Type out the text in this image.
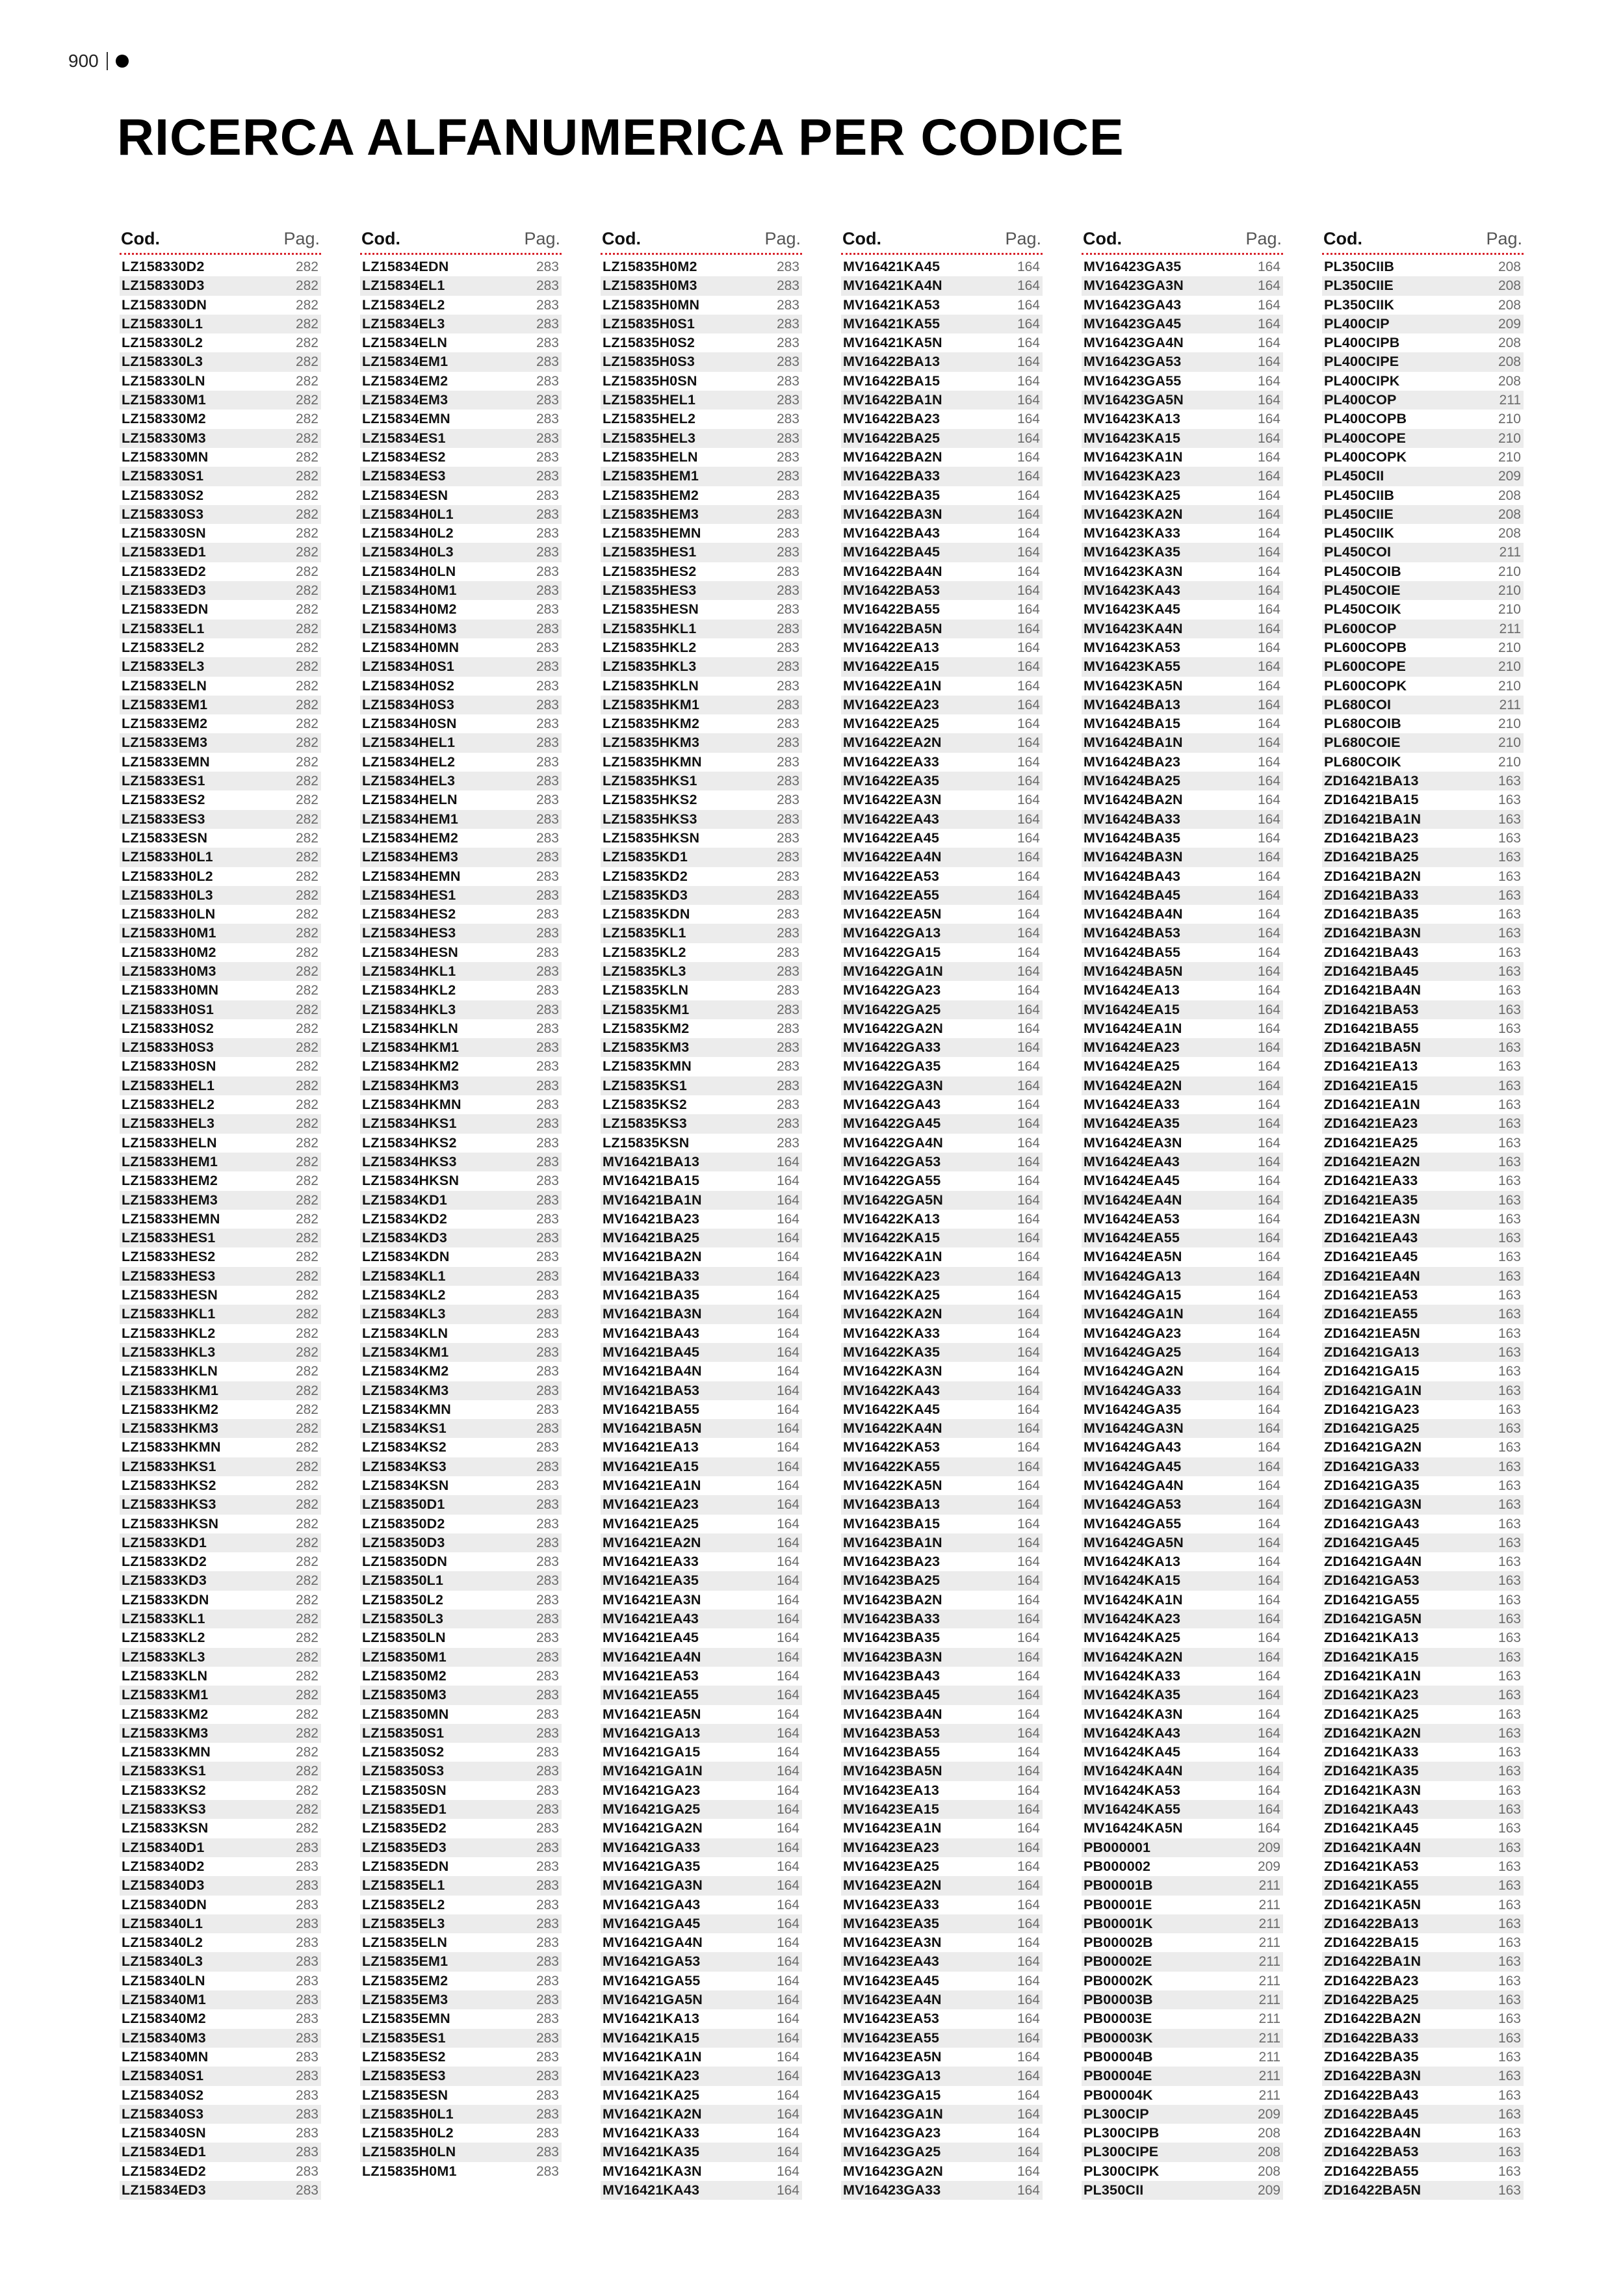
900
RICERCA ALFANUMERICA PER CODICE
Cod.	Pag.
LZ158330D2	282
LZ158330D3	282
LZ158330DN	282
LZ158330L1	282
LZ158330L2	282
LZ158330L3	282
LZ158330LN	282
LZ158330M1	282
LZ158330M2	282
LZ158330M3	282
LZ158330MN	282
LZ158330S1	282
LZ158330S2	282
LZ158330S3	282
LZ158330SN	282
LZ15833ED1	282
LZ15833ED2	282
LZ15833ED3	282
LZ15833EDN	282
LZ15833EL1	282
LZ15833EL2	282
LZ15833EL3	282
LZ15833ELN	282
LZ15833EM1	282
LZ15833EM2	282
LZ15833EM3	282
LZ15833EMN	282
LZ15833ES1	282
LZ15833ES2	282
LZ15833ES3	282
LZ15833ESN	282
LZ15833H0L1	282
LZ15833H0L2	282
LZ15833H0L3	282
LZ15833H0LN	282
LZ15833H0M1	282
LZ15833H0M2	282
LZ15833H0M3	282
LZ15833H0MN	282
LZ15833H0S1	282
LZ15833H0S2	282
LZ15833H0S3	282
LZ15833H0SN	282
LZ15833HEL1	282
LZ15833HEL2	282
LZ15833HEL3	282
LZ15833HELN	282
LZ15833HEM1	282
LZ15833HEM2	282
LZ15833HEM3	282
LZ15833HEMN	282
LZ15833HES1	282
LZ15833HES2	282
LZ15833HES3	282
LZ15833HESN	282
LZ15833HKL1	282
LZ15833HKL2	282
LZ15833HKL3	282
LZ15833HKLN	282
LZ15833HKM1	282
LZ15833HKM2	282
LZ15833HKM3	282
LZ15833HKMN	282
LZ15833HKS1	282
LZ15833HKS2	282
LZ15833HKS3	282
LZ15833HKSN	282
LZ15833KD1	282
LZ15833KD2	282
LZ15833KD3	282
LZ15833KDN	282
LZ15833KL1	282
LZ15833KL2	282
LZ15833KL3	282
LZ15833KLN	282
LZ15833KM1	282
LZ15833KM2	282
LZ15833KM3	282
LZ15833KMN	282
LZ15833KS1	282
LZ15833KS2	282
LZ15833KS3	282
LZ15833KSN	282
LZ158340D1	283
LZ158340D2	283
LZ158340D3	283
LZ158340DN	283
LZ158340L1	283
LZ158340L2	283
LZ158340L3	283
LZ158340LN	283
LZ158340M1	283
LZ158340M2	283
LZ158340M3	283
LZ158340MN	283
LZ158340S1	283
LZ158340S2	283
LZ158340S3	283
LZ158340SN	283
LZ15834ED1	283
LZ15834ED2	283
LZ15834ED3	283
Cod.	Pag.
LZ15834EDN	283
LZ15834EL1	283
LZ15834EL2	283
LZ15834EL3	283
LZ15834ELN	283
LZ15834EM1	283
LZ15834EM2	283
LZ15834EM3	283
LZ15834EMN	283
LZ15834ES1	283
LZ15834ES2	283
LZ15834ES3	283
LZ15834ESN	283
LZ15834H0L1	283
LZ15834H0L2	283
LZ15834H0L3	283
LZ15834H0LN	283
LZ15834H0M1	283
LZ15834H0M2	283
LZ15834H0M3	283
LZ15834H0MN	283
LZ15834H0S1	283
LZ15834H0S2	283
LZ15834H0S3	283
LZ15834H0SN	283
LZ15834HEL1	283
LZ15834HEL2	283
LZ15834HEL3	283
LZ15834HELN	283
LZ15834HEM1	283
LZ15834HEM2	283
LZ15834HEM3	283
LZ15834HEMN	283
LZ15834HES1	283
LZ15834HES2	283
LZ15834HES3	283
LZ15834HESN	283
LZ15834HKL1	283
LZ15834HKL2	283
LZ15834HKL3	283
LZ15834HKLN	283
LZ15834HKM1	283
LZ15834HKM2	283
LZ15834HKM3	283
LZ15834HKMN	283
LZ15834HKS1	283
LZ15834HKS2	283
LZ15834HKS3	283
LZ15834HKSN	283
LZ15834KD1	283
LZ15834KD2	283
LZ15834KD3	283
LZ15834KDN	283
LZ15834KL1	283
LZ15834KL2	283
LZ15834KL3	283
LZ15834KLN	283
LZ15834KM1	283
LZ15834KM2	283
LZ15834KM3	283
LZ15834KMN	283
LZ15834KS1	283
LZ15834KS2	283
LZ15834KS3	283
LZ15834KSN	283
LZ158350D1	283
LZ158350D2	283
LZ158350D3	283
LZ158350DN	283
LZ158350L1	283
LZ158350L2	283
LZ158350L3	283
LZ158350LN	283
LZ158350M1	283
LZ158350M2	283
LZ158350M3	283
LZ158350MN	283
LZ158350S1	283
LZ158350S2	283
LZ158350S3	283
LZ158350SN	283
LZ15835ED1	283
LZ15835ED2	283
LZ15835ED3	283
LZ15835EDN	283
LZ15835EL1	283
LZ15835EL2	283
LZ15835EL3	283
LZ15835ELN	283
LZ15835EM1	283
LZ15835EM2	283
LZ15835EM3	283
LZ15835EMN	283
LZ15835ES1	283
LZ15835ES2	283
LZ15835ES3	283
LZ15835ESN	283
LZ15835H0L1	283
LZ15835H0L2	283
LZ15835H0LN	283
LZ15835H0M1	283
Cod.	Pag.
LZ15835H0M2	283
LZ15835H0M3	283
LZ15835H0MN	283
LZ15835H0S1	283
LZ15835H0S2	283
LZ15835H0S3	283
LZ15835H0SN	283
LZ15835HEL1	283
LZ15835HEL2	283
LZ15835HEL3	283
LZ15835HELN	283
LZ15835HEM1	283
LZ15835HEM2	283
LZ15835HEM3	283
LZ15835HEMN	283
LZ15835HES1	283
LZ15835HES2	283
LZ15835HES3	283
LZ15835HESN	283
LZ15835HKL1	283
LZ15835HKL2	283
LZ15835HKL3	283
LZ15835HKLN	283
LZ15835HKM1	283
LZ15835HKM2	283
LZ15835HKM3	283
LZ15835HKMN	283
LZ15835HKS1	283
LZ15835HKS2	283
LZ15835HKS3	283
LZ15835HKSN	283
LZ15835KD1	283
LZ15835KD2	283
LZ15835KD3	283
LZ15835KDN	283
LZ15835KL1	283
LZ15835KL2	283
LZ15835KL3	283
LZ15835KLN	283
LZ15835KM1	283
LZ15835KM2	283
LZ15835KM3	283
LZ15835KMN	283
LZ15835KS1	283
LZ15835KS2	283
LZ15835KS3	283
LZ15835KSN	283
MV16421BA13	164
MV16421BA15	164
MV16421BA1N	164
MV16421BA23	164
MV16421BA25	164
MV16421BA2N	164
MV16421BA33	164
MV16421BA35	164
MV16421BA3N	164
MV16421BA43	164
MV16421BA45	164
MV16421BA4N	164
MV16421BA53	164
MV16421BA55	164
MV16421BA5N	164
MV16421EA13	164
MV16421EA15	164
MV16421EA1N	164
MV16421EA23	164
MV16421EA25	164
MV16421EA2N	164
MV16421EA33	164
MV16421EA35	164
MV16421EA3N	164
MV16421EA43	164
MV16421EA45	164
MV16421EA4N	164
MV16421EA53	164
MV16421EA55	164
MV16421EA5N	164
MV16421GA13	164
MV16421GA15	164
MV16421GA1N	164
MV16421GA23	164
MV16421GA25	164
MV16421GA2N	164
MV16421GA33	164
MV16421GA35	164
MV16421GA3N	164
MV16421GA43	164
MV16421GA45	164
MV16421GA4N	164
MV16421GA53	164
MV16421GA55	164
MV16421GA5N	164
MV16421KA13	164
MV16421KA15	164
MV16421KA1N	164
MV16421KA23	164
MV16421KA25	164
MV16421KA2N	164
MV16421KA33	164
MV16421KA35	164
MV16421KA3N	164
MV16421KA43	164
Cod.	Pag.
MV16421KA45	164
MV16421KA4N	164
MV16421KA53	164
MV16421KA55	164
MV16421KA5N	164
MV16422BA13	164
MV16422BA15	164
MV16422BA1N	164
MV16422BA23	164
MV16422BA25	164
MV16422BA2N	164
MV16422BA33	164
MV16422BA35	164
MV16422BA3N	164
MV16422BA43	164
MV16422BA45	164
MV16422BA4N	164
MV16422BA53	164
MV16422BA55	164
MV16422BA5N	164
MV16422EA13	164
MV16422EA15	164
MV16422EA1N	164
MV16422EA23	164
MV16422EA25	164
MV16422EA2N	164
MV16422EA33	164
MV16422EA35	164
MV16422EA3N	164
MV16422EA43	164
MV16422EA45	164
MV16422EA4N	164
MV16422EA53	164
MV16422EA55	164
MV16422EA5N	164
MV16422GA13	164
MV16422GA15	164
MV16422GA1N	164
MV16422GA23	164
MV16422GA25	164
MV16422GA2N	164
MV16422GA33	164
MV16422GA35	164
MV16422GA3N	164
MV16422GA43	164
MV16422GA45	164
MV16422GA4N	164
MV16422GA53	164
MV16422GA55	164
MV16422GA5N	164
MV16422KA13	164
MV16422KA15	164
MV16422KA1N	164
MV16422KA23	164
MV16422KA25	164
MV16422KA2N	164
MV16422KA33	164
MV16422KA35	164
MV16422KA3N	164
MV16422KA43	164
MV16422KA45	164
MV16422KA4N	164
MV16422KA53	164
MV16422KA55	164
MV16422KA5N	164
MV16423BA13	164
MV16423BA15	164
MV16423BA1N	164
MV16423BA23	164
MV16423BA25	164
MV16423BA2N	164
MV16423BA33	164
MV16423BA35	164
MV16423BA3N	164
MV16423BA43	164
MV16423BA45	164
MV16423BA4N	164
MV16423BA53	164
MV16423BA55	164
MV16423BA5N	164
MV16423EA13	164
MV16423EA15	164
MV16423EA1N	164
MV16423EA23	164
MV16423EA25	164
MV16423EA2N	164
MV16423EA33	164
MV16423EA35	164
MV16423EA3N	164
MV16423EA43	164
MV16423EA45	164
MV16423EA4N	164
MV16423EA53	164
MV16423EA55	164
MV16423EA5N	164
MV16423GA13	164
MV16423GA15	164
MV16423GA1N	164
MV16423GA23	164
MV16423GA25	164
MV16423GA2N	164
MV16423GA33	164
Cod.	Pag.
MV16423GA35	164
MV16423GA3N	164
MV16423GA43	164
MV16423GA45	164
MV16423GA4N	164
MV16423GA53	164
MV16423GA55	164
MV16423GA5N	164
MV16423KA13	164
MV16423KA15	164
MV16423KA1N	164
MV16423KA23	164
MV16423KA25	164
MV16423KA2N	164
MV16423KA33	164
MV16423KA35	164
MV16423KA3N	164
MV16423KA43	164
MV16423KA45	164
MV16423KA4N	164
MV16423KA53	164
MV16423KA55	164
MV16423KA5N	164
MV16424BA13	164
MV16424BA15	164
MV16424BA1N	164
MV16424BA23	164
MV16424BA25	164
MV16424BA2N	164
MV16424BA33	164
MV16424BA35	164
MV16424BA3N	164
MV16424BA43	164
MV16424BA45	164
MV16424BA4N	164
MV16424BA53	164
MV16424BA55	164
MV16424BA5N	164
MV16424EA13	164
MV16424EA15	164
MV16424EA1N	164
MV16424EA23	164
MV16424EA25	164
MV16424EA2N	164
MV16424EA33	164
MV16424EA35	164
MV16424EA3N	164
MV16424EA43	164
MV16424EA45	164
MV16424EA4N	164
MV16424EA53	164
MV16424EA55	164
MV16424EA5N	164
MV16424GA13	164
MV16424GA15	164
MV16424GA1N	164
MV16424GA23	164
MV16424GA25	164
MV16424GA2N	164
MV16424GA33	164
MV16424GA35	164
MV16424GA3N	164
MV16424GA43	164
MV16424GA45	164
MV16424GA4N	164
MV16424GA53	164
MV16424GA55	164
MV16424GA5N	164
MV16424KA13	164
MV16424KA15	164
MV16424KA1N	164
MV16424KA23	164
MV16424KA25	164
MV16424KA2N	164
MV16424KA33	164
MV16424KA35	164
MV16424KA3N	164
MV16424KA43	164
MV16424KA45	164
MV16424KA4N	164
MV16424KA53	164
MV16424KA55	164
MV16424KA5N	164
PB000001	209
PB000002	209
PB00001B	211
PB00001E	211
PB00001K	211
PB00002B	211
PB00002E	211
PB00002K	211
PB00003B	211
PB00003E	211
PB00003K	211
PB00004B	211
PB00004E	211
PB00004K	211
PL300CIP	209
PL300CIPB	208
PL300CIPE	208
PL300CIPK	208
PL350CII	209
Cod.	Pag.
PL350CIIB	208
PL350CIIE	208
PL350CIIK	208
PL400CIP	209
PL400CIPB	208
PL400CIPE	208
PL400CIPK	208
PL400COP	211
PL400COPB	210
PL400COPE	210
PL400COPK	210
PL450CII	209
PL450CIIB	208
PL450CIIE	208
PL450CIIK	208
PL450COI	211
PL450COIB	210
PL450COIE	210
PL450COIK	210
PL600COP	211
PL600COPB	210
PL600COPE	210
PL600COPK	210
PL680COI	211
PL680COIB	210
PL680COIE	210
PL680COIK	210
ZD16421BA13	163
ZD16421BA15	163
ZD16421BA1N	163
ZD16421BA23	163
ZD16421BA25	163
ZD16421BA2N	163
ZD16421BA33	163
ZD16421BA35	163
ZD16421BA3N	163
ZD16421BA43	163
ZD16421BA45	163
ZD16421BA4N	163
ZD16421BA53	163
ZD16421BA55	163
ZD16421BA5N	163
ZD16421EA13	163
ZD16421EA15	163
ZD16421EA1N	163
ZD16421EA23	163
ZD16421EA25	163
ZD16421EA2N	163
ZD16421EA33	163
ZD16421EA35	163
ZD16421EA3N	163
ZD16421EA43	163
ZD16421EA45	163
ZD16421EA4N	163
ZD16421EA53	163
ZD16421EA55	163
ZD16421EA5N	163
ZD16421GA13	163
ZD16421GA15	163
ZD16421GA1N	163
ZD16421GA23	163
ZD16421GA25	163
ZD16421GA2N	163
ZD16421GA33	163
ZD16421GA35	163
ZD16421GA3N	163
ZD16421GA43	163
ZD16421GA45	163
ZD16421GA4N	163
ZD16421GA53	163
ZD16421GA55	163
ZD16421GA5N	163
ZD16421KA13	163
ZD16421KA15	163
ZD16421KA1N	163
ZD16421KA23	163
ZD16421KA25	163
ZD16421KA2N	163
ZD16421KA33	163
ZD16421KA35	163
ZD16421KA3N	163
ZD16421KA43	163
ZD16421KA45	163
ZD16421KA4N	163
ZD16421KA53	163
ZD16421KA55	163
ZD16421KA5N	163
ZD16422BA13	163
ZD16422BA15	163
ZD16422BA1N	163
ZD16422BA23	163
ZD16422BA25	163
ZD16422BA2N	163
ZD16422BA33	163
ZD16422BA35	163
ZD16422BA3N	163
ZD16422BA43	163
ZD16422BA45	163
ZD16422BA4N	163
ZD16422BA53	163
ZD16422BA55	163
ZD16422BA5N	163
